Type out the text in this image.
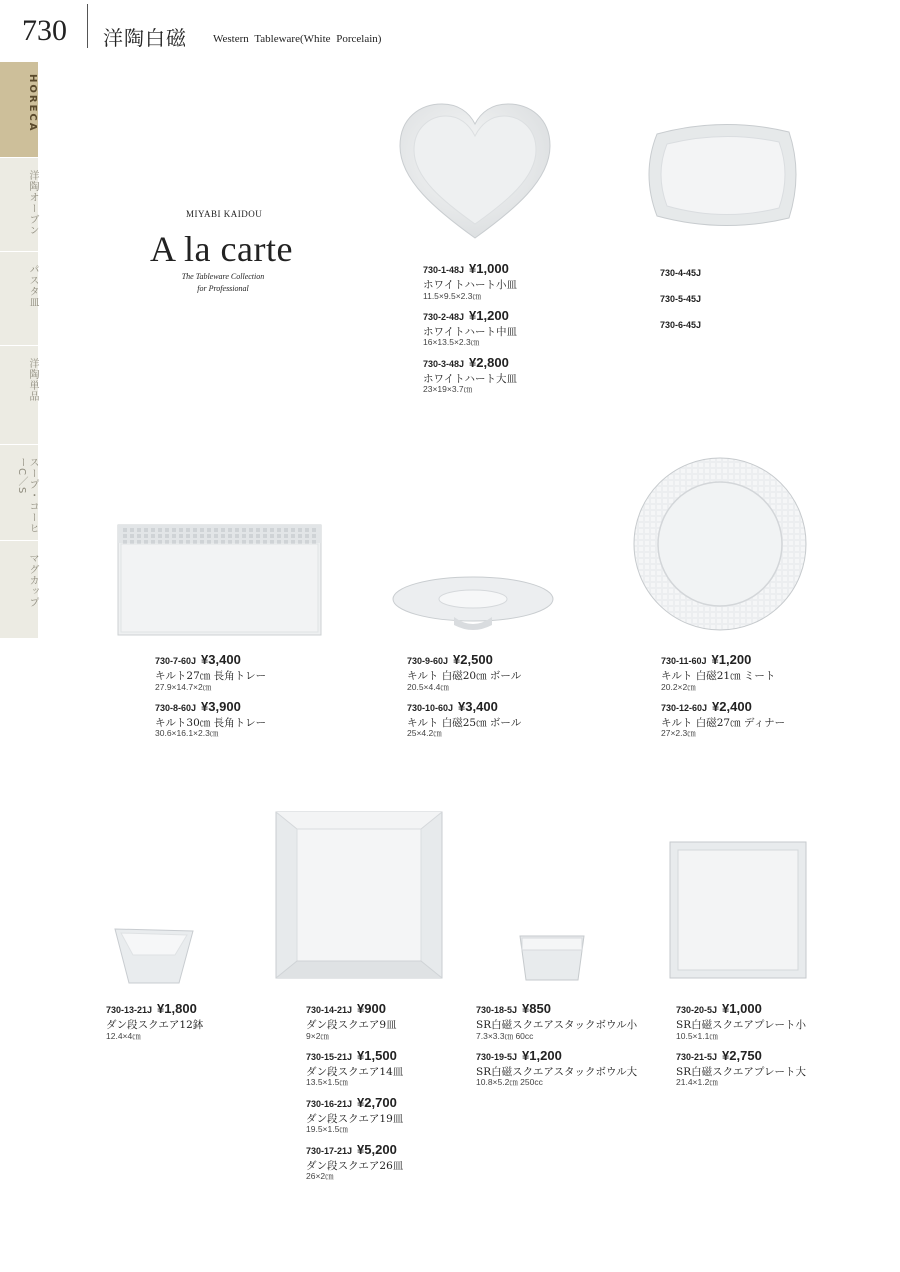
730 洋陶白磁 Western Tableware(White Porcelain)
HORECA
洋陶オーブン
パスタ皿
洋陶単品
スープ・コーヒーC／S
マグカップ
MIYABI KAIDOU
A la carte
The Tableware Collection
for Professional
730-1-48J ¥1,000
ホワイトハート小皿
11.5×9.5×2.3㎝
730-2-48J ¥1,200
ホワイトハート中皿
16×13.5×2.3㎝
730-3-48J ¥2,800
ホワイトハート大皿
23×19×3.7㎝
730-4-45J
730-5-45J
730-6-45J
730-7-60J ¥3,400
キルト27㎝ 長角トレー
27.9×14.7×2㎝
730-8-60J ¥3,900
キルト30㎝ 長角トレー
30.6×16.1×2.3㎝
730-9-60J ¥2,500
キルト 白磁20㎝ ボール
20.5×4.4㎝
730-10-60J ¥3,400
キルト 白磁25㎝ ボール
25×4.2㎝
730-11-60J ¥1,200
キルト 白磁21㎝ ミート
20.2×2㎝
730-12-60J ¥2,400
キルト 白磁27㎝ ディナー
27×2.3㎝
730-13-21J ¥1,800
ダン段スクエア12鉢
12.4×4㎝
730-14-21J ¥900
ダン段スクエア9皿
9×2㎝
730-15-21J ¥1,500
ダン段スクエア14皿
13.5×1.5㎝
730-16-21J ¥2,700
ダン段スクエア19皿
19.5×1.5㎝
730-17-21J ¥5,200
ダン段スクエア26皿
26×2㎝
730-18-5J ¥850
SR白磁スクエアスタックボウル小
7.3×3.3㎝ 60cc
730-19-5J ¥1,200
SR白磁スクエアスタックボウル大
10.8×5.2㎝ 250cc
730-20-5J ¥1,000
SR白磁スクエアプレート小
10.5×1.1㎝
730-21-5J ¥2,750
SR白磁スクエアプレート大
21.4×1.2㎝
